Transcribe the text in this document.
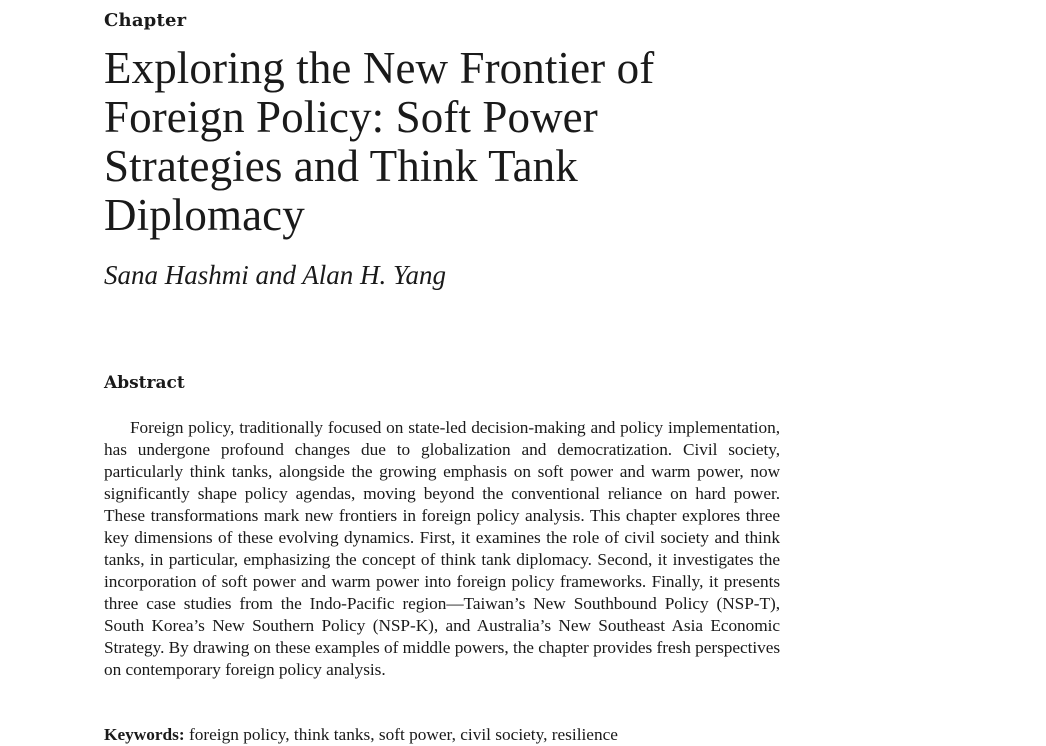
Chapter
Exploring the New Frontier of Foreign Policy: Soft Power Strategies and Think Tank Diplomacy
Sana Hashmi and Alan H. Yang
Abstract

Foreign policy, traditionally focused on state-led decision-making and policy implementation, has undergone profound changes due to globalization and democratization. Civil society, particularly think tanks, alongside the growing emphasis on soft power and warm power, now significantly shape policy agendas, moving beyond the conventional reliance on hard power. These transformations mark new frontiers in foreign policy analysis. This chapter explores three key dimensions of these evolving dynamics. First, it examines the role of civil society and think tanks, in particular, emphasizing the concept of think tank diplomacy. Second, it investigates the incorporation of soft power and warm power into foreign policy frameworks. Finally, it presents three case studies from the Indo-Pacific region—Taiwan’s New Southbound Policy (NSP-T), South Korea’s New Southern Policy (NSP-K), and Australia’s New Southeast Asia Economic Strategy. By drawing on these examples of middle powers, the chapter provides fresh perspectives on contemporary foreign policy analysis.

Keywords: foreign policy, think tanks, soft power, civil society, resilience
